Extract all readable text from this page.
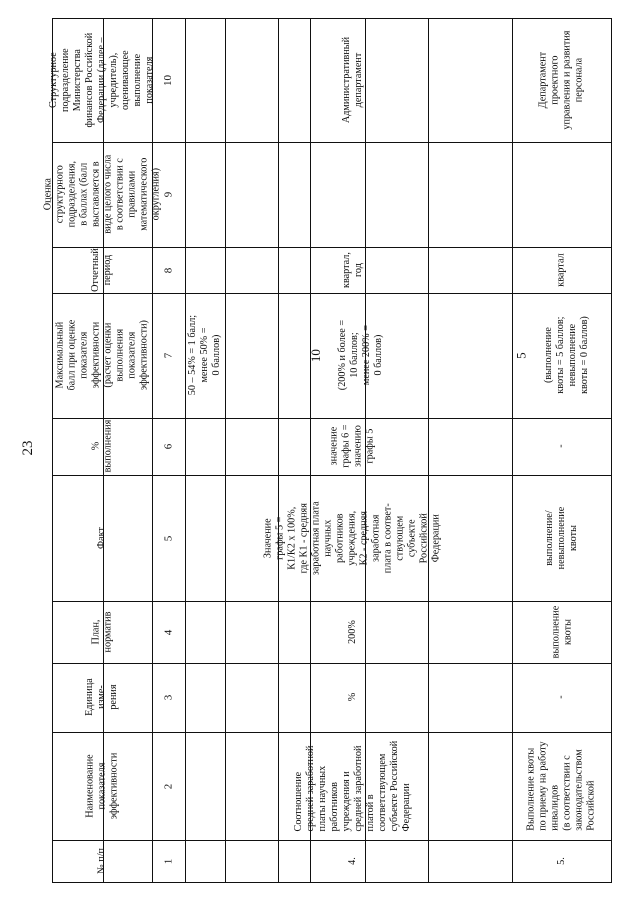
23
Структурное
подразделение
Министерства
финансов Российской
Федерации (далее –
учредитель),
оценивающее
выполнение
показателя
Оценка
структурного
подразделения,
в баллах (балл
выставляется в
виде целого числа
в соответствии с
правилами
математического
округления)
Отчетный
период
Максимальный
балл при оценке
показателя
эффективности
(расчет оценки
выполнения
показателя
эффективности)
%
выполнения
Факт
План,
норматив
Единица
изме-
рения
Наименование
показателя
эффективности
№ п/п
10
9
8
7
6
5
4
3
2
1
50 – 54% = 1 балл;
менее 50% =
0 баллов)
Административный
департамент
квартал,
год
10
(200% и более =
10 баллов;
менее 200% =
0 баллов)
значение
графы 6 =
значению
графы 5
Значение
графы 5 =
К1/К2 х 100%,
где К1 - средняя
заработная плата
научных
работников
учреждения,
К2 - средняя
заработная
плата в соответ-
ствующем
субъекте
Российской
Федерации
200%
%
Соотношение
средней заработной
платы научных
работников
учреждения и
средней заработной
платой в
соответствующем
субъекте Российской
Федерации
4.
Департамент
проектного
управления и развития
персонала
квартал
5 (выполнение
квоты = 5 баллов;
невыполнение
квоты = 0 баллов)
-
выполнение/
невыполнение
квоты
выполнение
квоты
-
Выполнение квоты
по приему на работу
инвалидов
(в соответствии с
законодательством
Российской
5.
